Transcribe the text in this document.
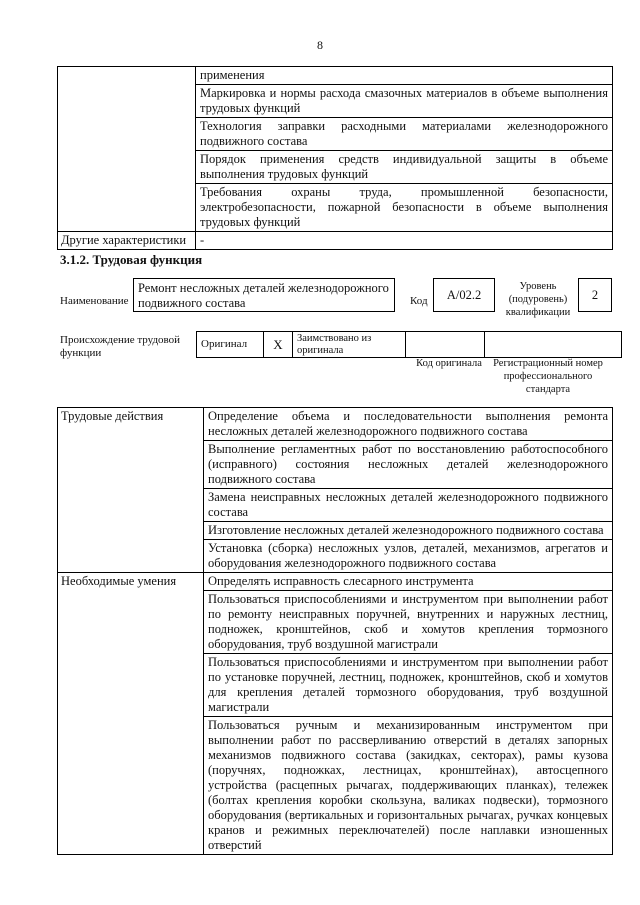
8
	применения
	Маркировка и нормы расхода смазочных материалов в объеме выполнения трудовых функций
	Технология заправки расходными материалами железнодорожного подвижного состава
	Порядок применения средств индивидуальной защиты в объеме выполнения трудовых функций
	Требования охраны труда, промышленной безопасности, электробезопасности, пожарной безопасности в объеме выполнения трудовых функций
Другие характеристики	-
3.1.2. Трудовая функция
Наименование
Ремонт несложных деталей железнодорожного подвижного состава	Код	A/02.2
Уровень (подуровень) квалификации
2
Происхождение трудовой функции
Оригинал	X	Заимствовано из оригинала		
Код оригинала	Регистрационный номер профессионального стандарта
Трудовые действия	Определение объема и последовательности выполнения ремонта несложных деталей железнодорожного подвижного состава
	Выполнение регламентных работ по восстановлению работоспособного (исправного) состояния несложных деталей железнодорожного подвижного состава
	Замена неисправных несложных деталей железнодорожного подвижного состава
	Изготовление несложных деталей железнодорожного подвижного состава
	Установка (сборка) несложных узлов, деталей, механизмов, агрегатов и оборудования железнодорожного подвижного состава
Необходимые умения	Определять исправность слесарного инструмента
	Пользоваться приспособлениями и инструментом при выполнении работ по ремонту неисправных поручней, внутренних и наружных лестниц, подножек, кронштейнов, скоб и хомутов крепления тормозного оборудования, труб воздушной магистрали
	Пользоваться приспособлениями и инструментом при выполнении работ по установке поручней, лестниц, подножек, кронштейнов, скоб и хомутов для крепления деталей тормозного оборудования, труб воздушной магистрали
	Пользоваться ручным и механизированным инструментом при выполнении работ по рассверливанию отверстий в деталях запорных механизмов подвижного состава (закидках, секторах), рамы кузова (поручнях, подножках, лестницах, кронштейнах), автосцепного устройства (расцепных рычагах, поддерживающих планках), тележек (болтах крепления коробки скользуна, валиках подвески), тормозного оборудования (вертикальных и горизонтальных рычагах, ручках концевых кранов и режимных переключателей) после наплавки изношенных отверстий
